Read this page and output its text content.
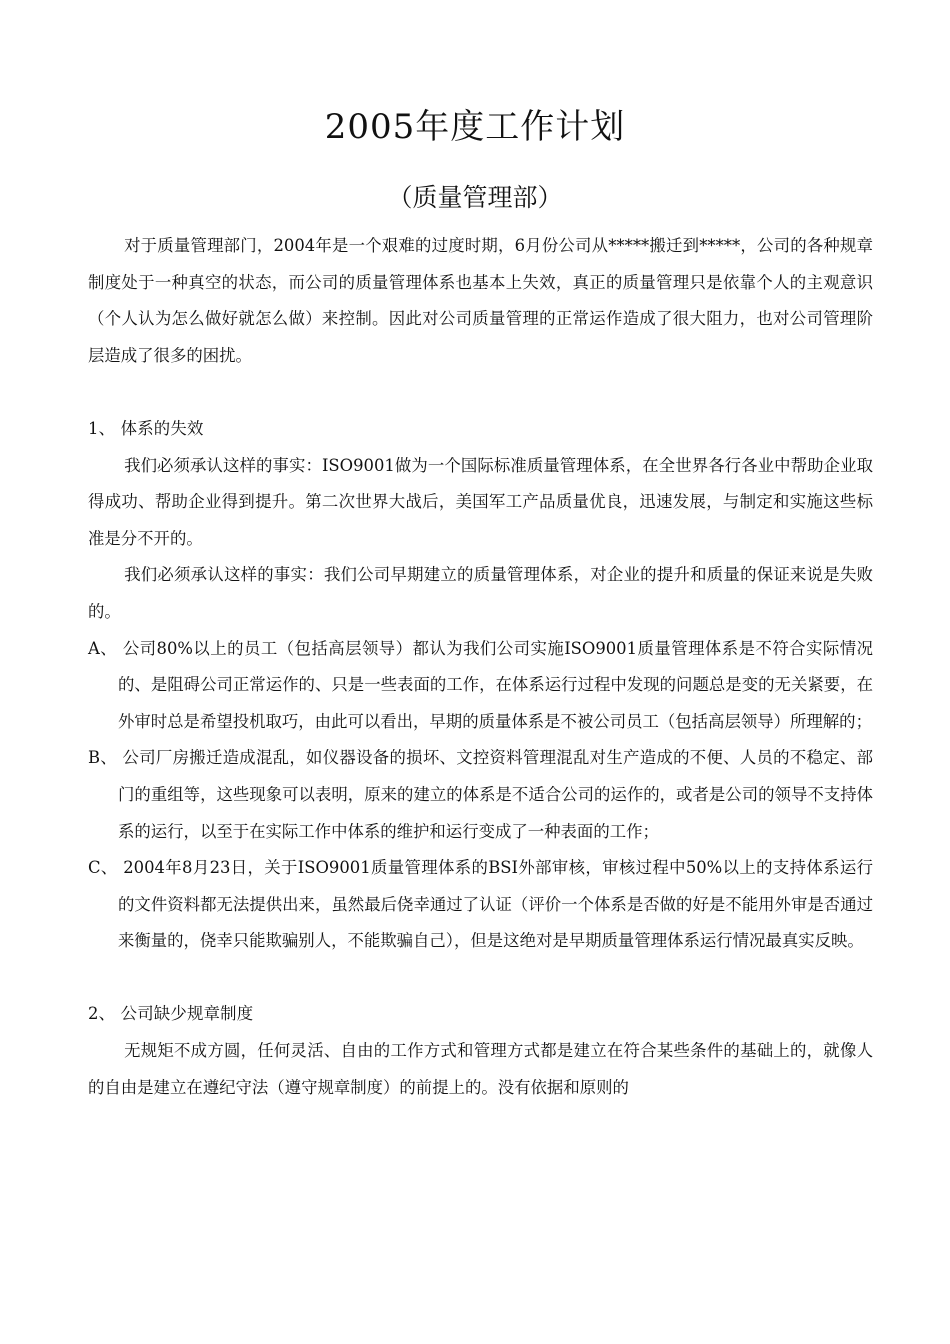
2005年度工作计划
（质量管理部）

对于质量管理部门，2004年是一个艰难的过度时期，6月份公司从*****搬迁到*****，公司的各种规章制度处于一种真空的状态，而公司的质量管理体系也基本上失效，真正的质量管理只是依靠个人的主观意识（个人认为怎么做好就怎么做）来控制。因此对公司质量管理的正常运作造成了很大阻力，也对公司管理阶层造成了很多的困扰。

1、 体系的失效

我们必须承认这样的事实：ISO9001做为一个国际标准质量管理体系，在全世界各行各业中帮助企业取得成功、帮助企业得到提升。第二次世界大战后，美国军工产品质量优良，迅速发展，与制定和实施这些标准是分不开的。

我们必须承认这样的事实：我们公司早期建立的质量管理体系，对企业的提升和质量的保证来说是失败的。

A、 公司80%以上的员工（包括高层领导）都认为我们公司实施ISO9001质量管理体系是不符合实际情况的、是阻碍公司正常运作的、只是一些表面的工作，在体系运行过程中发现的问题总是变的无关紧要，在外审时总是希望投机取巧，由此可以看出，早期的质量体系是不被公司员工（包括高层领导）所理解的；

B、 公司厂房搬迁造成混乱，如仪器设备的损坏、文控资料管理混乱对生产造成的不便、人员的不稳定、部门的重组等，这些现象可以表明，原来的建立的体系是不适合公司的运作的，或者是公司的领导不支持体系的运行，以至于在实际工作中体系的维护和运行变成了一种表面的工作；

C、 2004年8月23日，关于ISO9001质量管理体系的BSI外部审核，审核过程中50%以上的支持体系运行的文件资料都无法提供出来，虽然最后侥幸通过了认证（评价一个体系是否做的好是不能用外审是否通过来衡量的，侥幸只能欺骗别人，不能欺骗自己），但是这绝对是早期质量管理体系运行情况最真实反映。

2、 公司缺少规章制度

无规矩不成方圆，任何灵活、自由的工作方式和管理方式都是建立在符合某些条件的基础上的，就像人的自由是建立在遵纪守法（遵守规章制度）的前提上的。没有依据和原则的
